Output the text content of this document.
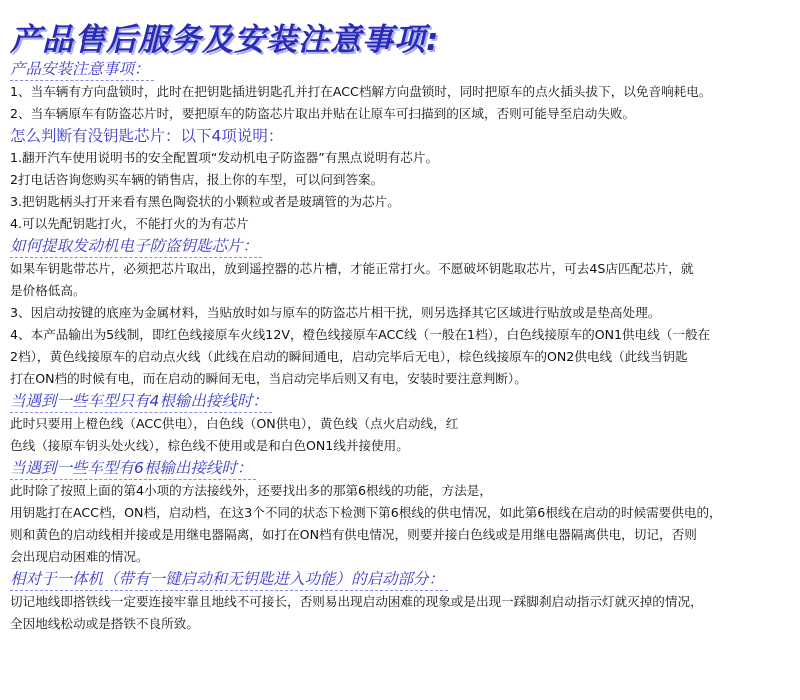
产品售后服务及安装注意事项:
产品安装注意事项：

1、当车辆有方向盘锁时，此时在把钥匙插进钥匙孔并打在ACC档解方向盘锁时，同时把原车的点火插头拔下，以免音响耗电。

2、当车辆原车有防盗芯片时，要把原车的防盗芯片取出并贴在让原车可扫描到的区域，否则可能导至启动失败。

怎么判断有没钥匙芯片：以下4项说明：

1.翻开汽车使用说明书的安全配置项“发动机电子防盗器”有黑点说明有芯片。

2打电话咨询您购买车辆的销售店，报上你的车型，可以问到答案。

3.把钥匙柄头打开来看有黑色陶瓷状的小颗粒或者是玻璃管的为芯片。

4.可以先配钥匙打火，不能打火的为有芯片

如何提取发动机电子防盗钥匙芯片：

如果车钥匙带芯片，必须把芯片取出，放到遥控器的芯片槽，才能正常打火。不愿破坏钥匙取芯片，可去4S店匹配芯片，就
是价格低高。

3、因启动按键的底座为金属材料，当贴放时如与原车的防盗芯片相干扰，则另选择其它区域进行贴放或是垫高处理。

4、本产品输出为5线制，即红色线接原车火线12V，橙色线接原车ACC线（一般在1档），白色线接原车的ON1供电线（一般在
2档），黄色线接原车的启动点火线（此线在启动的瞬间通电，启动完毕后无电），棕色线接原车的ON2供电线（此线当钥匙
打在ON档的时候有电，而在启动的瞬间无电，当启动完毕后则又有电，安装时要注意判断）。

当遇到一些车型只有4根输出接线时：

此时只要用上橙色线（ACC供电），白色线（ON供电），黄色线（点火启动线，红
色线（接原车钥头处火线），棕色线不使用或是和白色ON1线并接使用。

当遇到一些车型有6根输出接线时：

此时除了按照上面的第4小项的方法接线外，还要找出多的那第6根线的功能，方法是，
用钥匙打在ACC档，ON档，启动档，在这3个不同的状态下检测下第6根线的供电情况，如此第6根线在启动的时候需要供电的，
则和黄色的启动线相并接或是用继电器隔离，如打在ON档有供电情况，则要并接白色线或是用继电器隔离供电，切记，否则
会出现启动困难的情况。

相对于一体机（带有一键启动和无钥匙进入功能）的启动部分：

切记地线即搭铁线一定要连接牢靠且地线不可接长，否则易出现启动困难的现象或是出现一踩脚刹启动指示灯就灭掉的情况，
全因地线松动或是搭铁不良所致。
